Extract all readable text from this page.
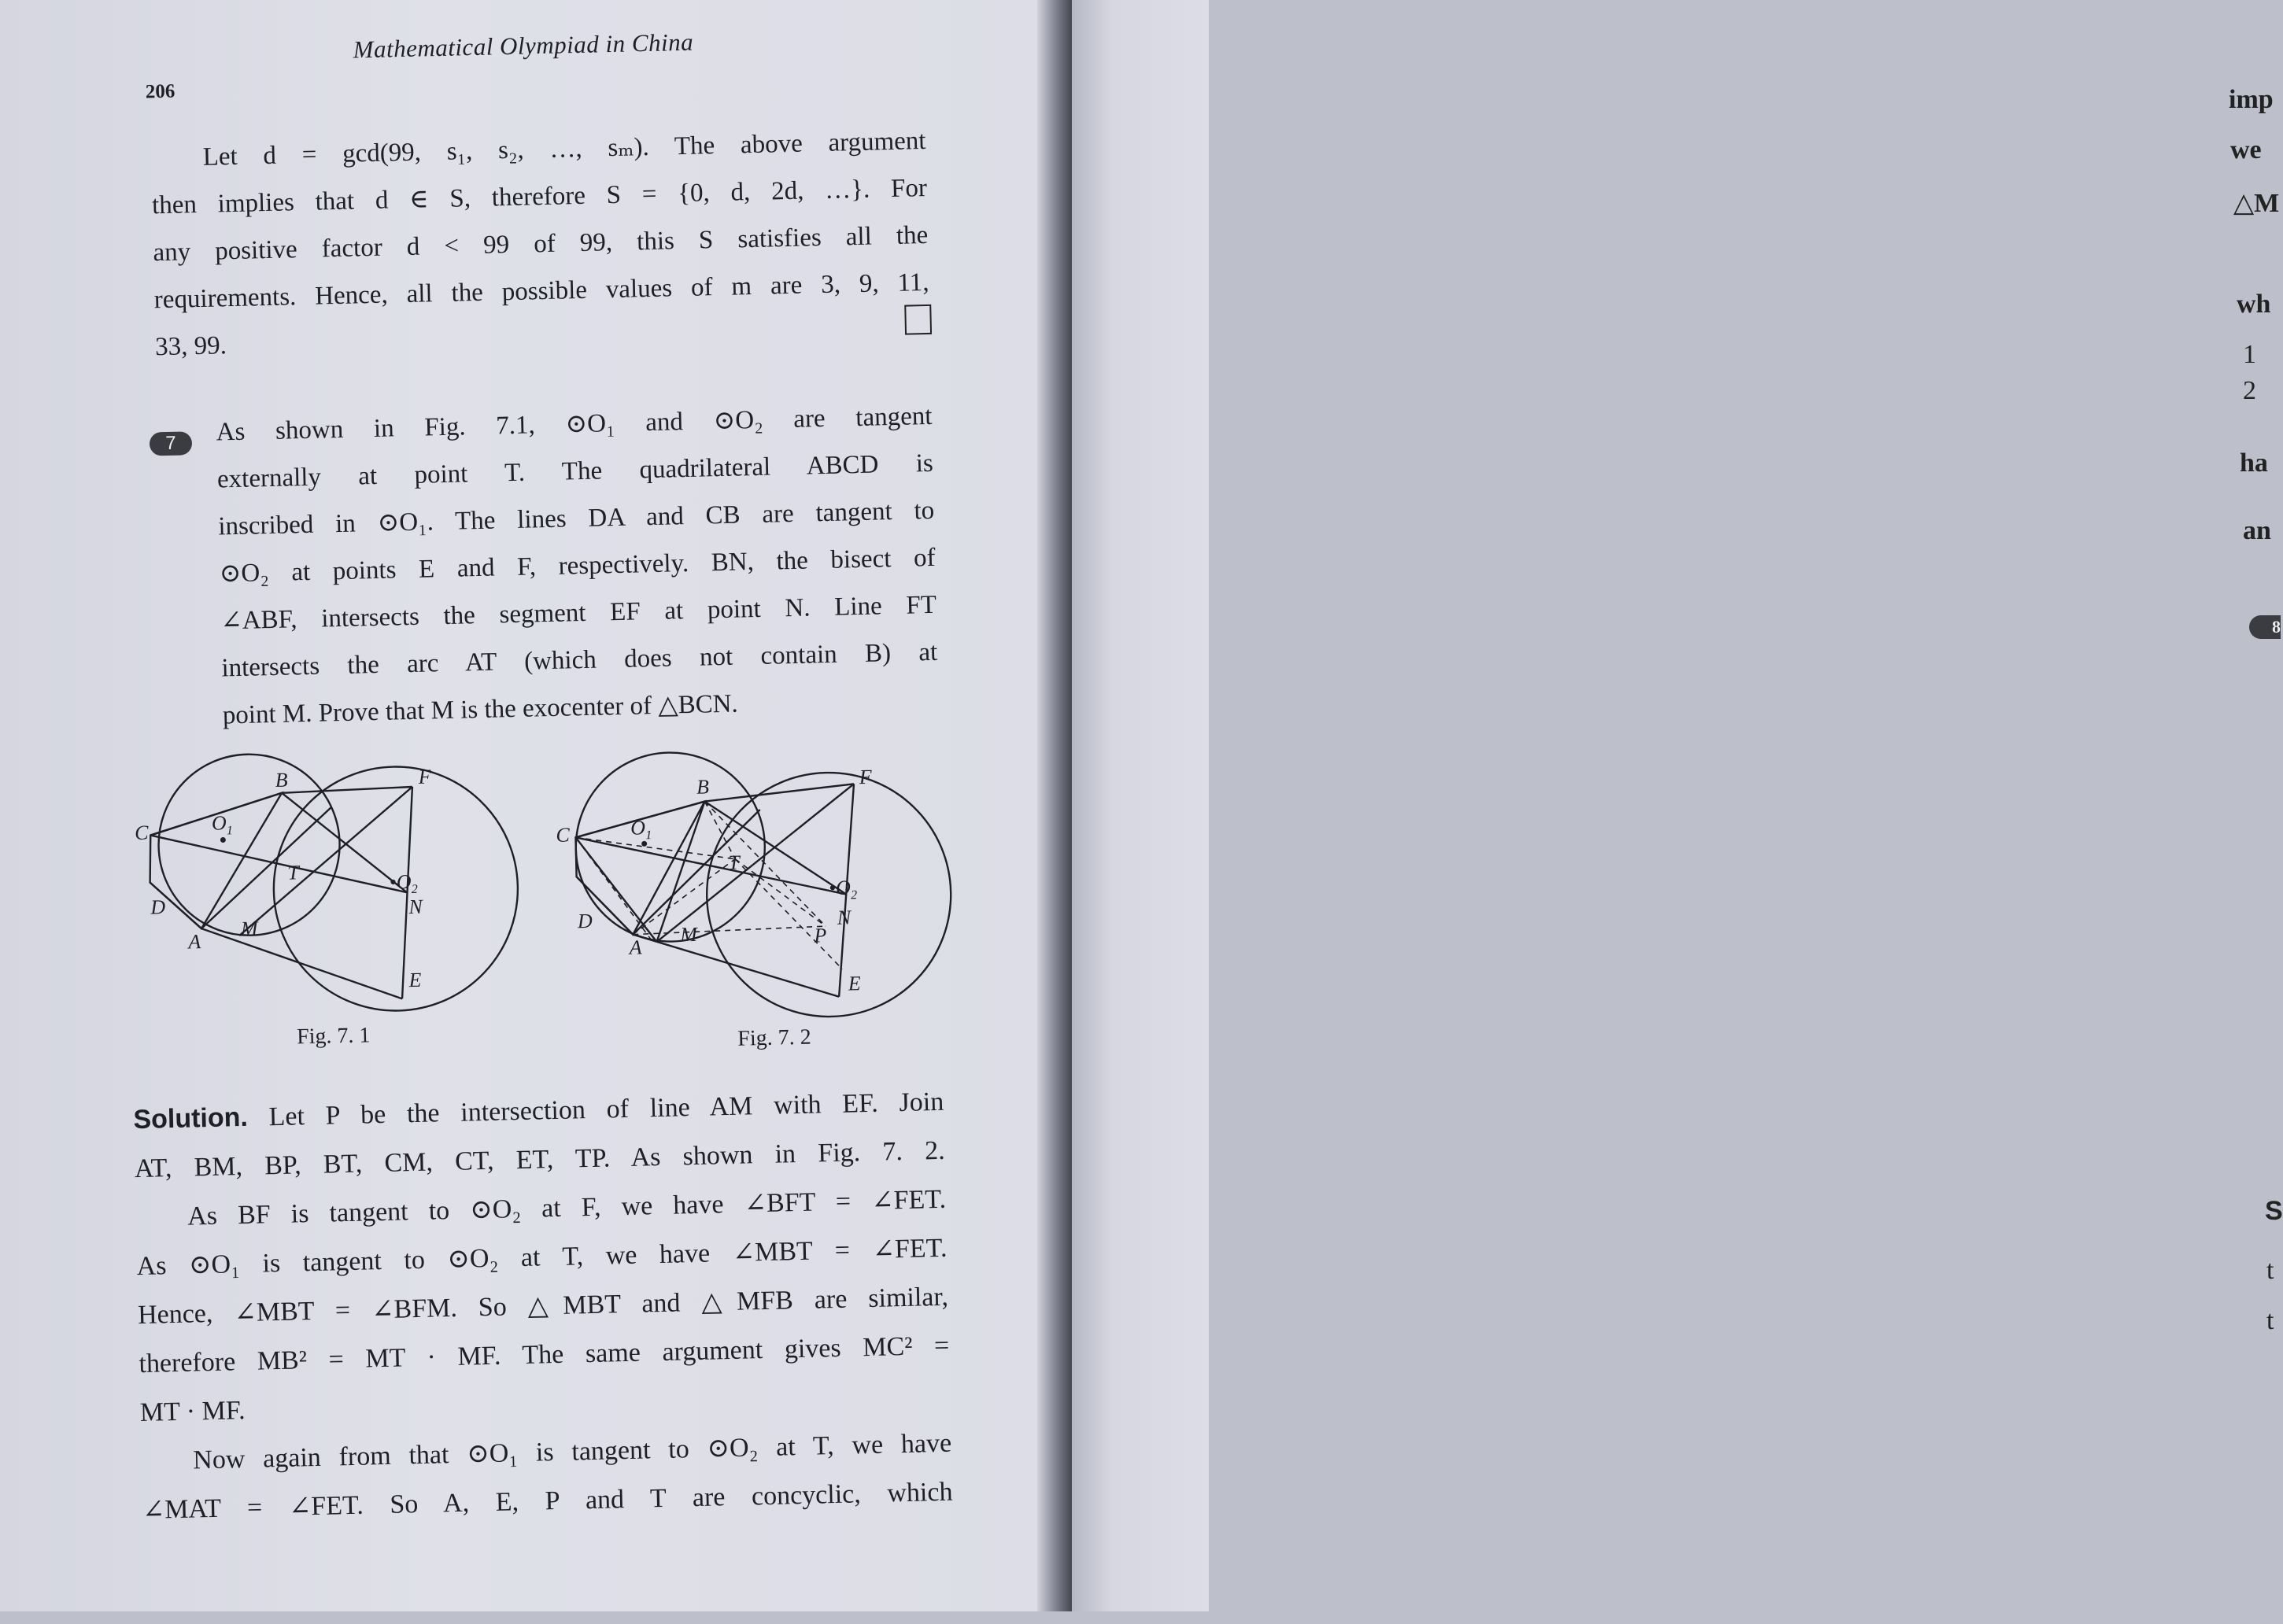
imp
we
△M
wh
1
2
ha
an
8
S
t
t
Mathematical Olympiad in China
206
Let d = gcd(99, s₁, s₂, …, sₘ). The above argument
then implies that d ∈ S, therefore S = {0, d, 2d, …}. For
any positive factor d < 99 of 99, this S satisfies all the
requirements. Hence, all the possible values of m are 3, 9, 11,
33, 99.
7	As shown in Fig. 7.1, ⊙O₁ and ⊙O₂ are tangent
externally at point T. The quadrilateral ABCD is
inscribed in ⊙O₁. The lines DA and CB are tangent to
⊙O₂ at points E and F, respectively. BN, the bisect of
∠ABF, intersects the segment EF at point N. Line FT
intersects the arc AT (which does not contain B) at
point M. Prove that M is the exocenter of △BCN.
B	F
C	$O_1$
T	$•O_2$
D
A
M
N
E
Fig. 7. 1
B	F
C	$O_1$
T
$•O_2$
D
A
M	P
N
E
Fig. 7. 2
Solution. Let P be the intersection of line AM with EF. Join
AT, BM, BP, BT, CM, CT, ET, TP. As shown in Fig. 7. 2.
As BF is tangent to ⊙O₂ at F, we have ∠BFT = ∠FET.
As ⊙O₁ is tangent to ⊙O₂ at T, we have ∠MBT = ∠FET.
Hence, ∠MBT = ∠BFM. So △MBT and △MFB are similar,
therefore MB² = MT · MF. The same argument gives MC² =
MT · MF.
Now again from that ⊙O₁ is tangent to ⊙O₂ at T, we have
∠MAT = ∠FET. So A, E, P and T are concyclic, which
